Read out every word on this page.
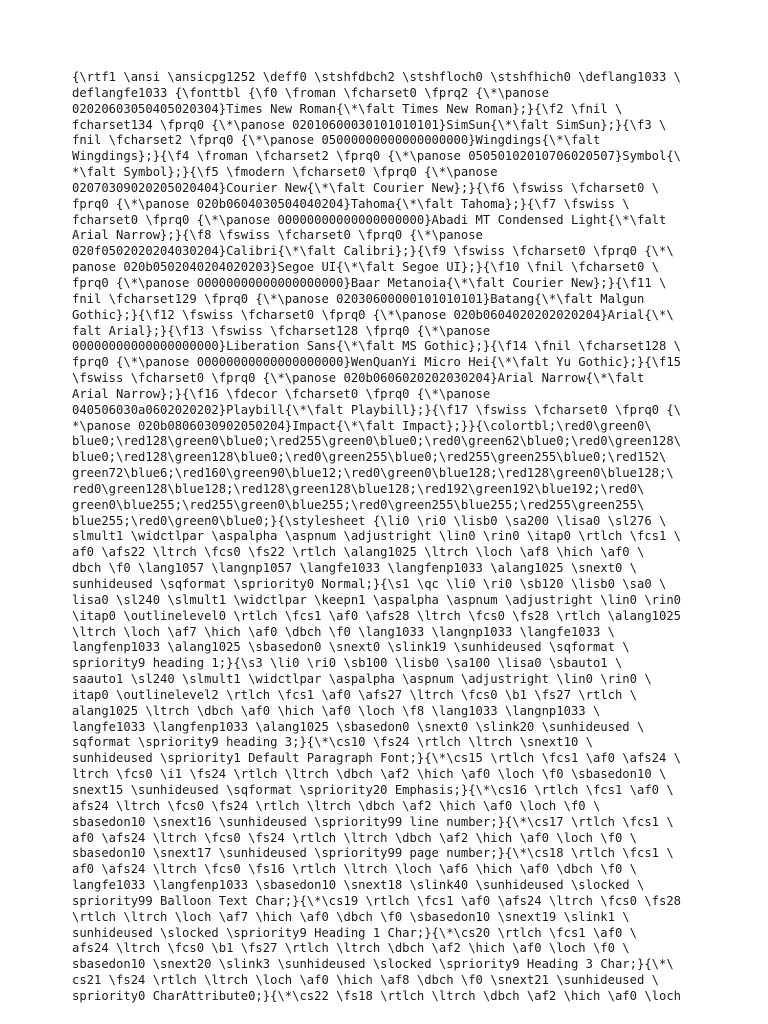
{\rtf1 \ansi \ansicpg1252 \deff0 \stshfdbch2 \stshfloch0 \stshfhich0 \deflang1033 \
deflangfe1033 {\fonttbl {\f0 \froman \fcharset0 \fprq2 {\*\panose
02020603050405020304}Times New Roman{\*\falt Times New Roman};}{\f2 \fnil \
fcharset134 \fprq0 {\*\panose 02010600030101010101}SimSun{\*\falt SimSun};}{\f3 \
fnil \fcharset2 \fprq0 {\*\panose 05000000000000000000}Wingdings{\*\falt
Wingdings};}{\f4 \froman \fcharset2 \fprq0 {\*\panose 05050102010706020507}Symbol{\
*\falt Symbol};}{\f5 \fmodern \fcharset0 \fprq0 {\*\panose
02070309020205020404}Courier New{\*\falt Courier New};}{\f6 \fswiss \fcharset0 \
fprq0 {\*\panose 020b0604030504040204}Tahoma{\*\falt Tahoma};}{\f7 \fswiss \
fcharset0 \fprq0 {\*\panose 00000000000000000000}Abadi MT Condensed Light{\*\falt
Arial Narrow};}{\f8 \fswiss \fcharset0 \fprq0 {\*\panose
020f0502020204030204}Calibri{\*\falt Calibri};}{\f9 \fswiss \fcharset0 \fprq0 {\*\
panose 020b0502040204020203}Segoe UI{\*\falt Segoe UI};}{\f10 \fnil \fcharset0 \
fprq0 {\*\panose 00000000000000000000}Baar Metanoia{\*\falt Courier New};}{\f11 \
fnil \fcharset129 \fprq0 {\*\panose 02030600000101010101}Batang{\*\falt Malgun
Gothic};}{\f12 \fswiss \fcharset0 \fprq0 {\*\panose 020b0604020202020204}Arial{\*\
falt Arial};}{\f13 \fswiss \fcharset128 \fprq0 {\*\panose
00000000000000000000}Liberation Sans{\*\falt MS Gothic};}{\f14 \fnil \fcharset128 \
fprq0 {\*\panose 00000000000000000000}WenQuanYi Micro Hei{\*\falt Yu Gothic};}{\f15
\fswiss \fcharset0 \fprq0 {\*\panose 020b0606020202030204}Arial Narrow{\*\falt
Arial Narrow};}{\f16 \fdecor \fcharset0 \fprq0 {\*\panose
040506030a0602020202}Playbill{\*\falt Playbill};}{\f17 \fswiss \fcharset0 \fprq0 {\
*\panose 020b0806030902050204}Impact{\*\falt Impact};}}{\colortbl;\red0\green0\
blue0;\red128\green0\blue0;\red255\green0\blue0;\red0\green62\blue0;\red0\green128\
blue0;\red128\green128\blue0;\red0\green255\blue0;\red255\green255\blue0;\red152\
green72\blue6;\red160\green90\blue12;\red0\green0\blue128;\red128\green0\blue128;\
red0\green128\blue128;\red128\green128\blue128;\red192\green192\blue192;\red0\
green0\blue255;\red255\green0\blue255;\red0\green255\blue255;\red255\green255\
blue255;\red0\green0\blue0;}{\stylesheet {\li0 \ri0 \lisb0 \sa200 \lisa0 \sl276 \
slmult1 \widctlpar \aspalpha \aspnum \adjustright \lin0 \rin0 \itap0 \rtlch \fcs1 \
af0 \afs22 \ltrch \fcs0 \fs22 \rtlch \alang1025 \ltrch \loch \af8 \hich \af0 \
dbch \f0 \lang1057 \langnp1057 \langfe1033 \langfenp1033 \alang1025 \snext0 \
sunhideused \sqformat \spriority0 Normal;}{\s1 \qc \li0 \ri0 \sb120 \lisb0 \sa0 \
lisa0 \sl240 \slmult1 \widctlpar \keepn1 \aspalpha \aspnum \adjustright \lin0 \rin0
\itap0 \outlinelevel0 \rtlch \fcs1 \af0 \afs28 \ltrch \fcs0 \fs28 \rtlch \alang1025
\ltrch \loch \af7 \hich \af0 \dbch \f0 \lang1033 \langnp1033 \langfe1033 \
langfenp1033 \alang1025 \sbasedon0 \snext0 \slink19 \sunhideused \sqformat \
spriority9 heading 1;}{\s3 \li0 \ri0 \sb100 \lisb0 \sa100 \lisa0 \sbauto1 \
saauto1 \sl240 \slmult1 \widctlpar \aspalpha \aspnum \adjustright \lin0 \rin0 \
itap0 \outlinelevel2 \rtlch \fcs1 \af0 \afs27 \ltrch \fcs0 \b1 \fs27 \rtlch \
alang1025 \ltrch \dbch \af0 \hich \af0 \loch \f8 \lang1033 \langnp1033 \
langfe1033 \langfenp1033 \alang1025 \sbasedon0 \snext0 \slink20 \sunhideused \
sqformat \spriority9 heading 3;}{\*\cs10 \fs24 \rtlch \ltrch \snext10 \
sunhideused \spriority1 Default Paragraph Font;}{\*\cs15 \rtlch \fcs1 \af0 \afs24 \
ltrch \fcs0 \i1 \fs24 \rtlch \ltrch \dbch \af2 \hich \af0 \loch \f0 \sbasedon10 \
snext15 \sunhideused \sqformat \spriority20 Emphasis;}{\*\cs16 \rtlch \fcs1 \af0 \
afs24 \ltrch \fcs0 \fs24 \rtlch \ltrch \dbch \af2 \hich \af0 \loch \f0 \
sbasedon10 \snext16 \sunhideused \spriority99 line number;}{\*\cs17 \rtlch \fcs1 \
af0 \afs24 \ltrch \fcs0 \fs24 \rtlch \ltrch \dbch \af2 \hich \af0 \loch \f0 \
sbasedon10 \snext17 \sunhideused \spriority99 page number;}{\*\cs18 \rtlch \fcs1 \
af0 \afs24 \ltrch \fcs0 \fs16 \rtlch \ltrch \loch \af6 \hich \af0 \dbch \f0 \
langfe1033 \langfenp1033 \sbasedon10 \snext18 \slink40 \sunhideused \slocked \
spriority99 Balloon Text Char;}{\*\cs19 \rtlch \fcs1 \af0 \afs24 \ltrch \fcs0 \fs28
\rtlch \ltrch \loch \af7 \hich \af0 \dbch \f0 \sbasedon10 \snext19 \slink1 \
sunhideused \slocked \spriority9 Heading 1 Char;}{\*\cs20 \rtlch \fcs1 \af0 \
afs24 \ltrch \fcs0 \b1 \fs27 \rtlch \ltrch \dbch \af2 \hich \af0 \loch \f0 \
sbasedon10 \snext20 \slink3 \sunhideused \slocked \spriority9 Heading 3 Char;}{\*\
cs21 \fs24 \rtlch \ltrch \loch \af0 \hich \af8 \dbch \f0 \snext21 \sunhideused \
spriority0 CharAttribute0;}{\*\cs22 \fs18 \rtlch \ltrch \dbch \af2 \hich \af0 \loch
